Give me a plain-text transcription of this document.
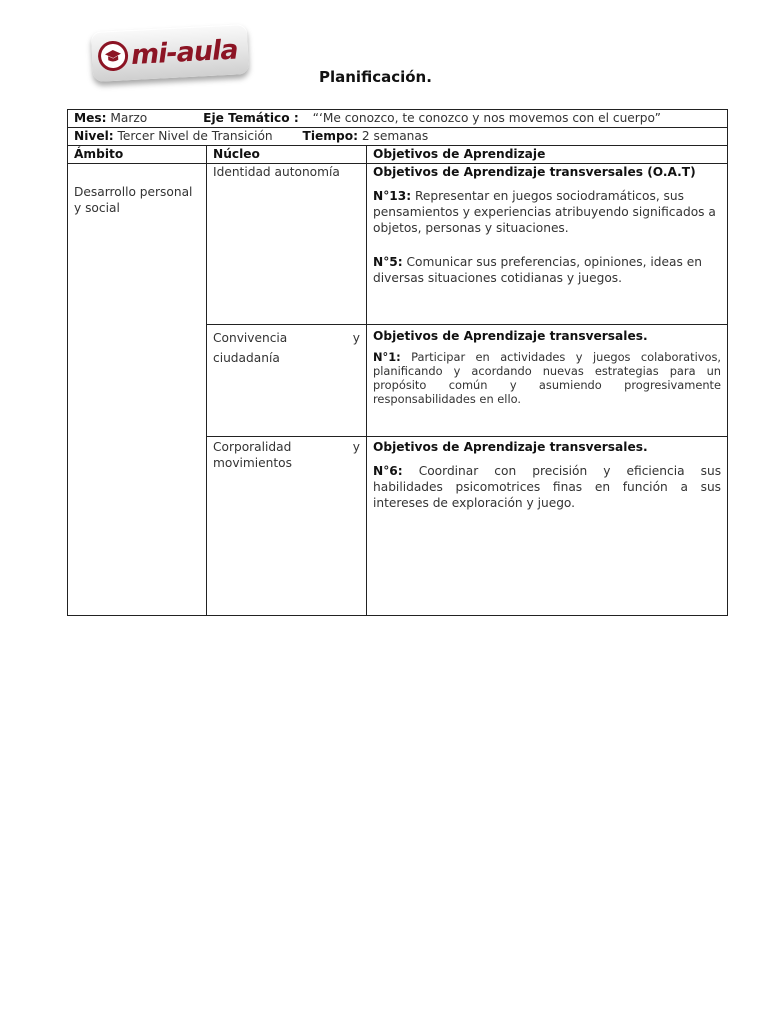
mi-aula
Planificación.
Mes: Marzo Eje Temático : “‘Me conozco, te conozco y nos movemos con el cuerpo”		
Nivel: Tercer Nivel de Transición Tiempo: 2 semanas		
Ámbito	Núcleo	Objetivos de Aprendizaje
Desarrollo personal y social	Identidad autonomía	Objetivos de Aprendizaje transversales (O.A.T)

N°13: Representar en juegos sociodramáticos, sus pensamientos y experiencias atribuyendo significados a objetos, personas y situaciones.

N°5: Comunicar sus preferencias, opiniones, ideas en diversas situaciones cotidianas y juegos.

	Convivencia y ciudadanía	Objetivos de Aprendizaje transversales.

N°1: Participar en actividades y juegos colaborativos, planificando y acordando nuevas estrategias para un propósito común y asumiendo progresivamente responsabilidades en ello.

	Corporalidad y movimientos	Objetivos de Aprendizaje transversales.

N°6: Coordinar con precisión y eficiencia sus habilidades psicomotrices finas en función a sus intereses de exploración y juego.
